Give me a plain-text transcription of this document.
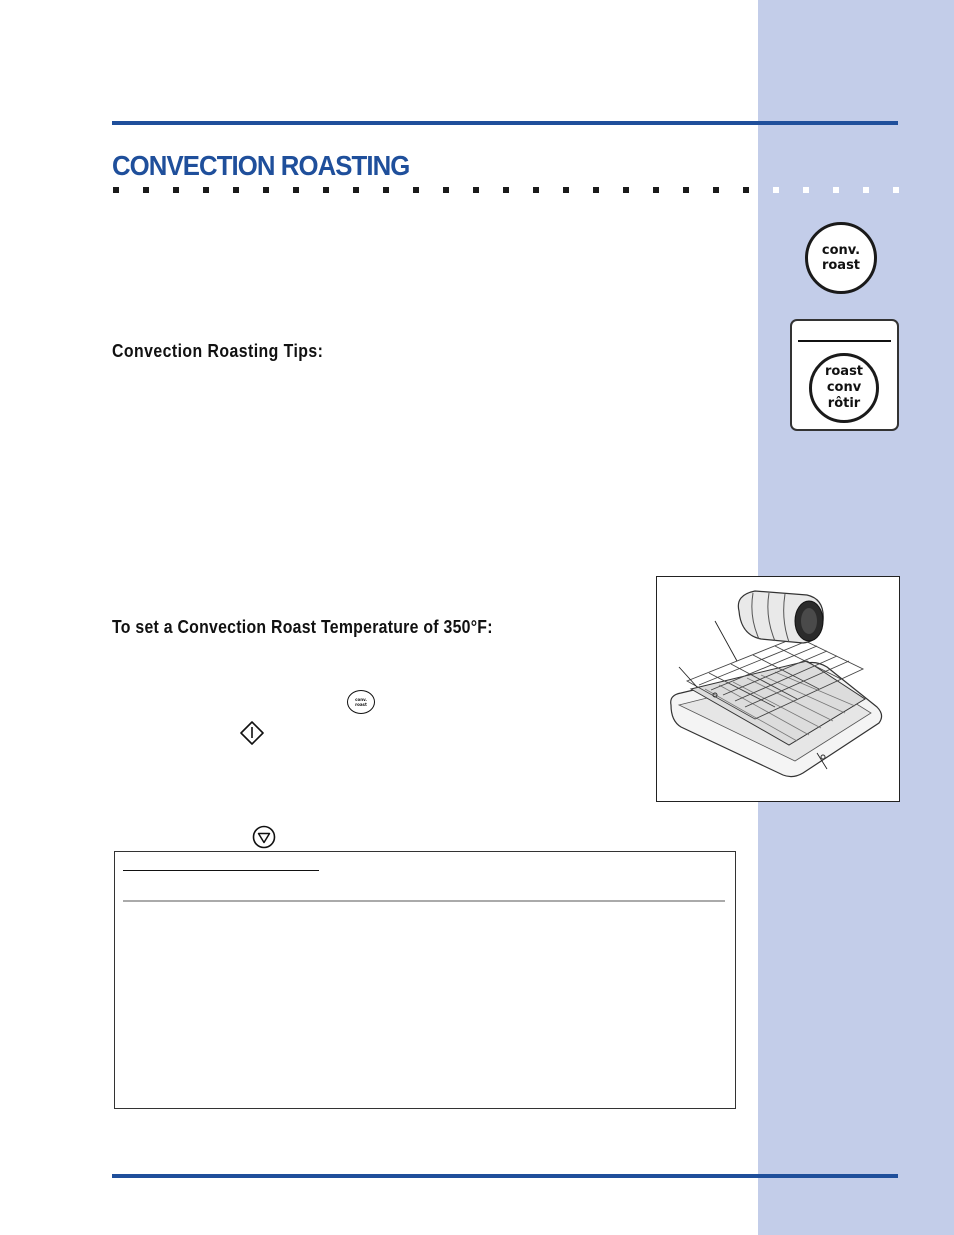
CONVECTION ROASTING
conv.
roast
roast
conv
rôtir
Convection Roasting Tips:
To set a Convection Roast Temperature of 350°F:
conv.
roast
